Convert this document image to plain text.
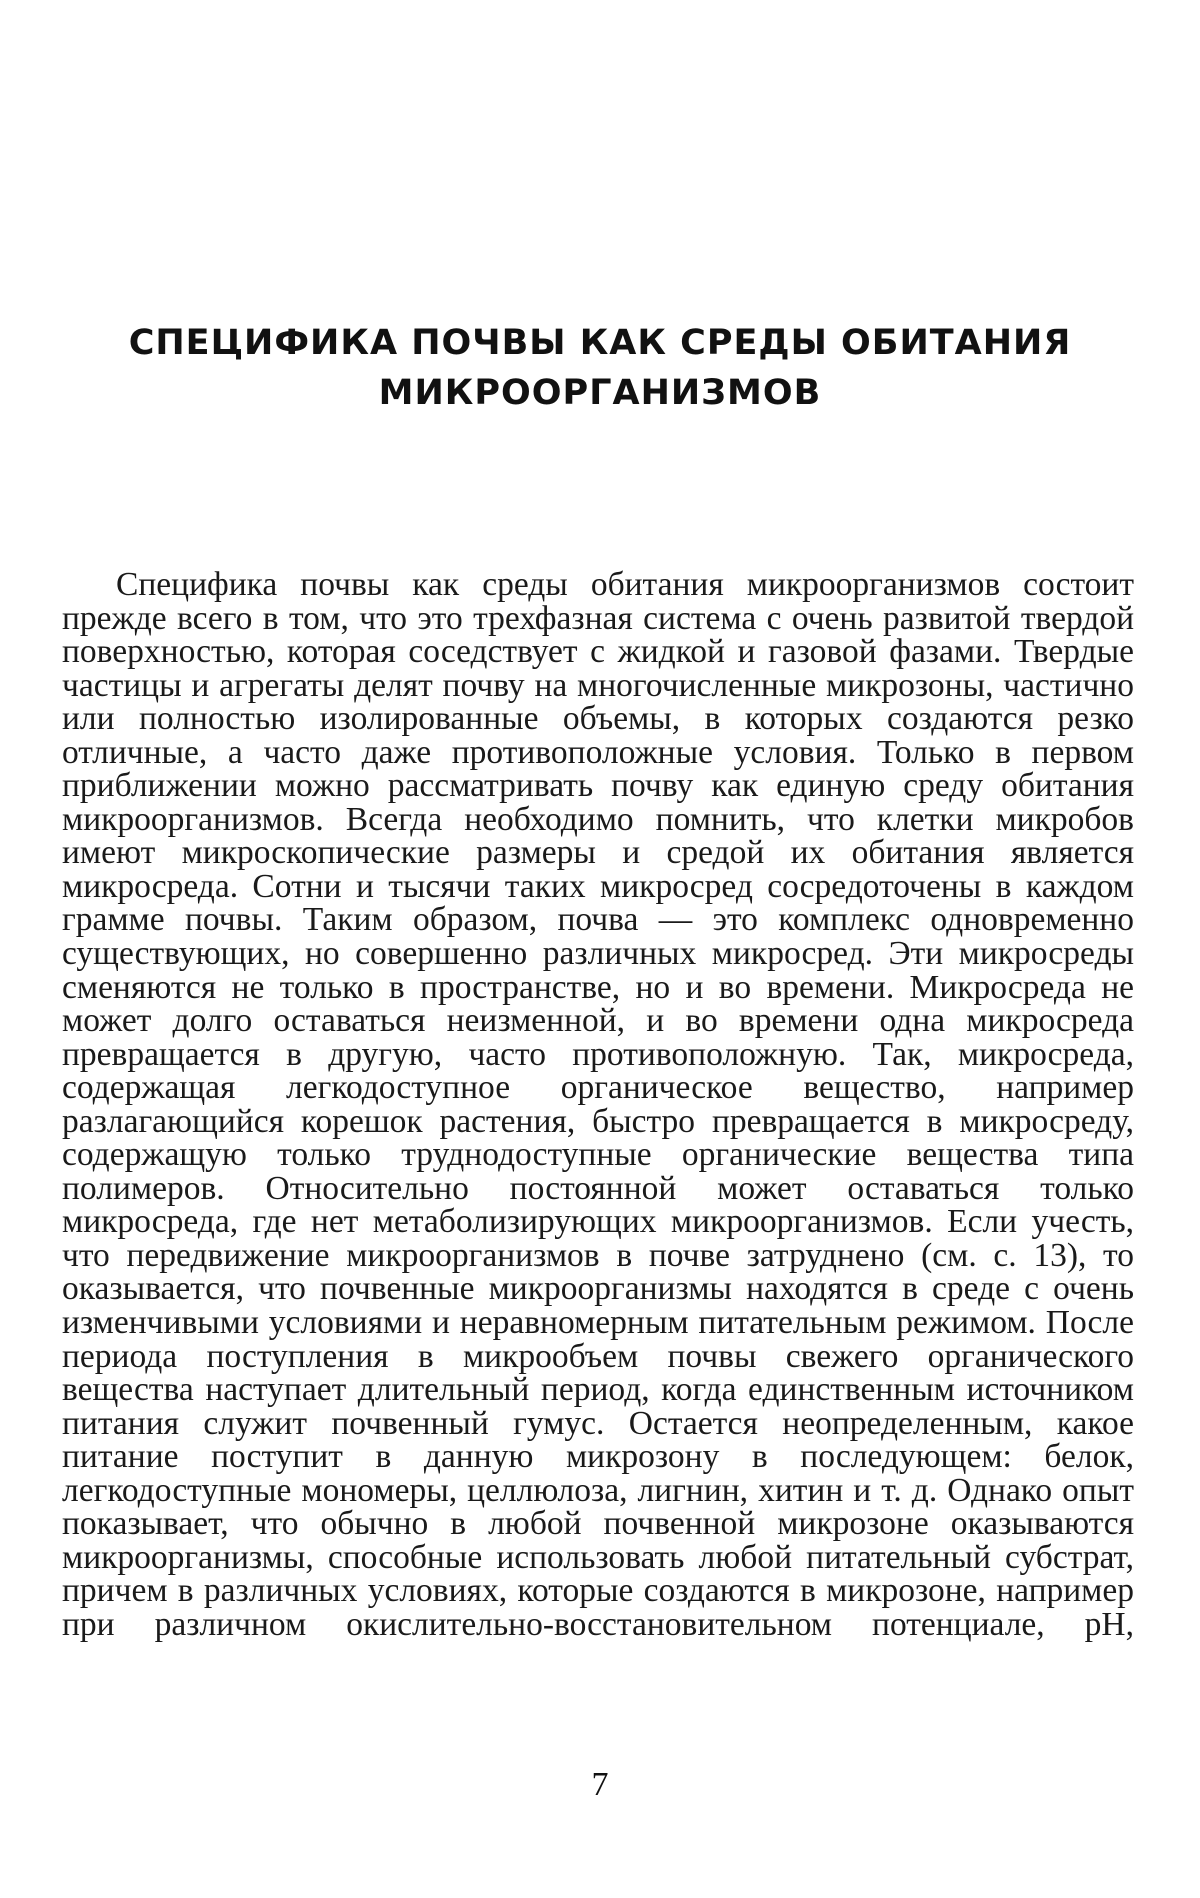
СПЕЦИФИКА ПОЧВЫ КАК СРЕДЫ ОБИТАНИЯ
МИКРООРГАНИЗМОВ

Специфика почвы как среды обитания микроорганизмов состоит прежде всего в том, что это трехфазная система с очень развитой твердой поверхностью, которая соседствует с жидкой и газовой фазами. Твердые частицы и агрегаты делят почву на многочисленные микрозоны, частично или полностью изолированные объемы, в которых создаются резко отличные, а часто даже противоположные условия. Только в первом приближении можно рассматривать почву как единую среду обитания микроорганизмов. Всегда необходимо помнить, что клетки микробов имеют микроскопические размеры и средой их обитания является микросреда. Сотни и тысячи таких микросред сосредоточены в каждом грамме почвы. Таким образом, почва — это комплекс одновременно существующих, но совершенно различных микросред. Эти микросреды сменяются не только в пространстве, но и во времени. Микросреда не может долго оставаться неизменной, и во времени одна микросреда превращается в другую, часто противоположную. Так, микросреда, содержащая легкодоступное органическое вещество, например разлагающийся корешок растения, быстро превращается в микросреду, содержащую только труднодоступные органические вещества типа полимеров. Относительно постоянной может оставаться только микросреда, где нет метаболизирующих микроорганизмов. Если учесть, что передвижение микроорганизмов в почве затруднено (см. с. 13), то оказывается, что почвенные микроорганизмы находятся в среде с очень изменчивыми условиями и неравномерным питательным режимом. После периода поступления в микрообъем почвы свежего органического вещества наступает длительный период, когда единственным источником питания служит почвенный гумус. Остается неопределенным, какое питание поступит в данную микрозону в последующем: белок, легкодоступные мономеры, целлюлоза, лигнин, хитин и т. д. Однако опыт показывает, что обычно в любой почвенной микрозоне оказываются микроорганизмы, способные использовать любой питательный субстрат, причем в различных условиях, которые создаются в микрозоне, например при различном окислительно-восстановительном потенциале, pH,

7
